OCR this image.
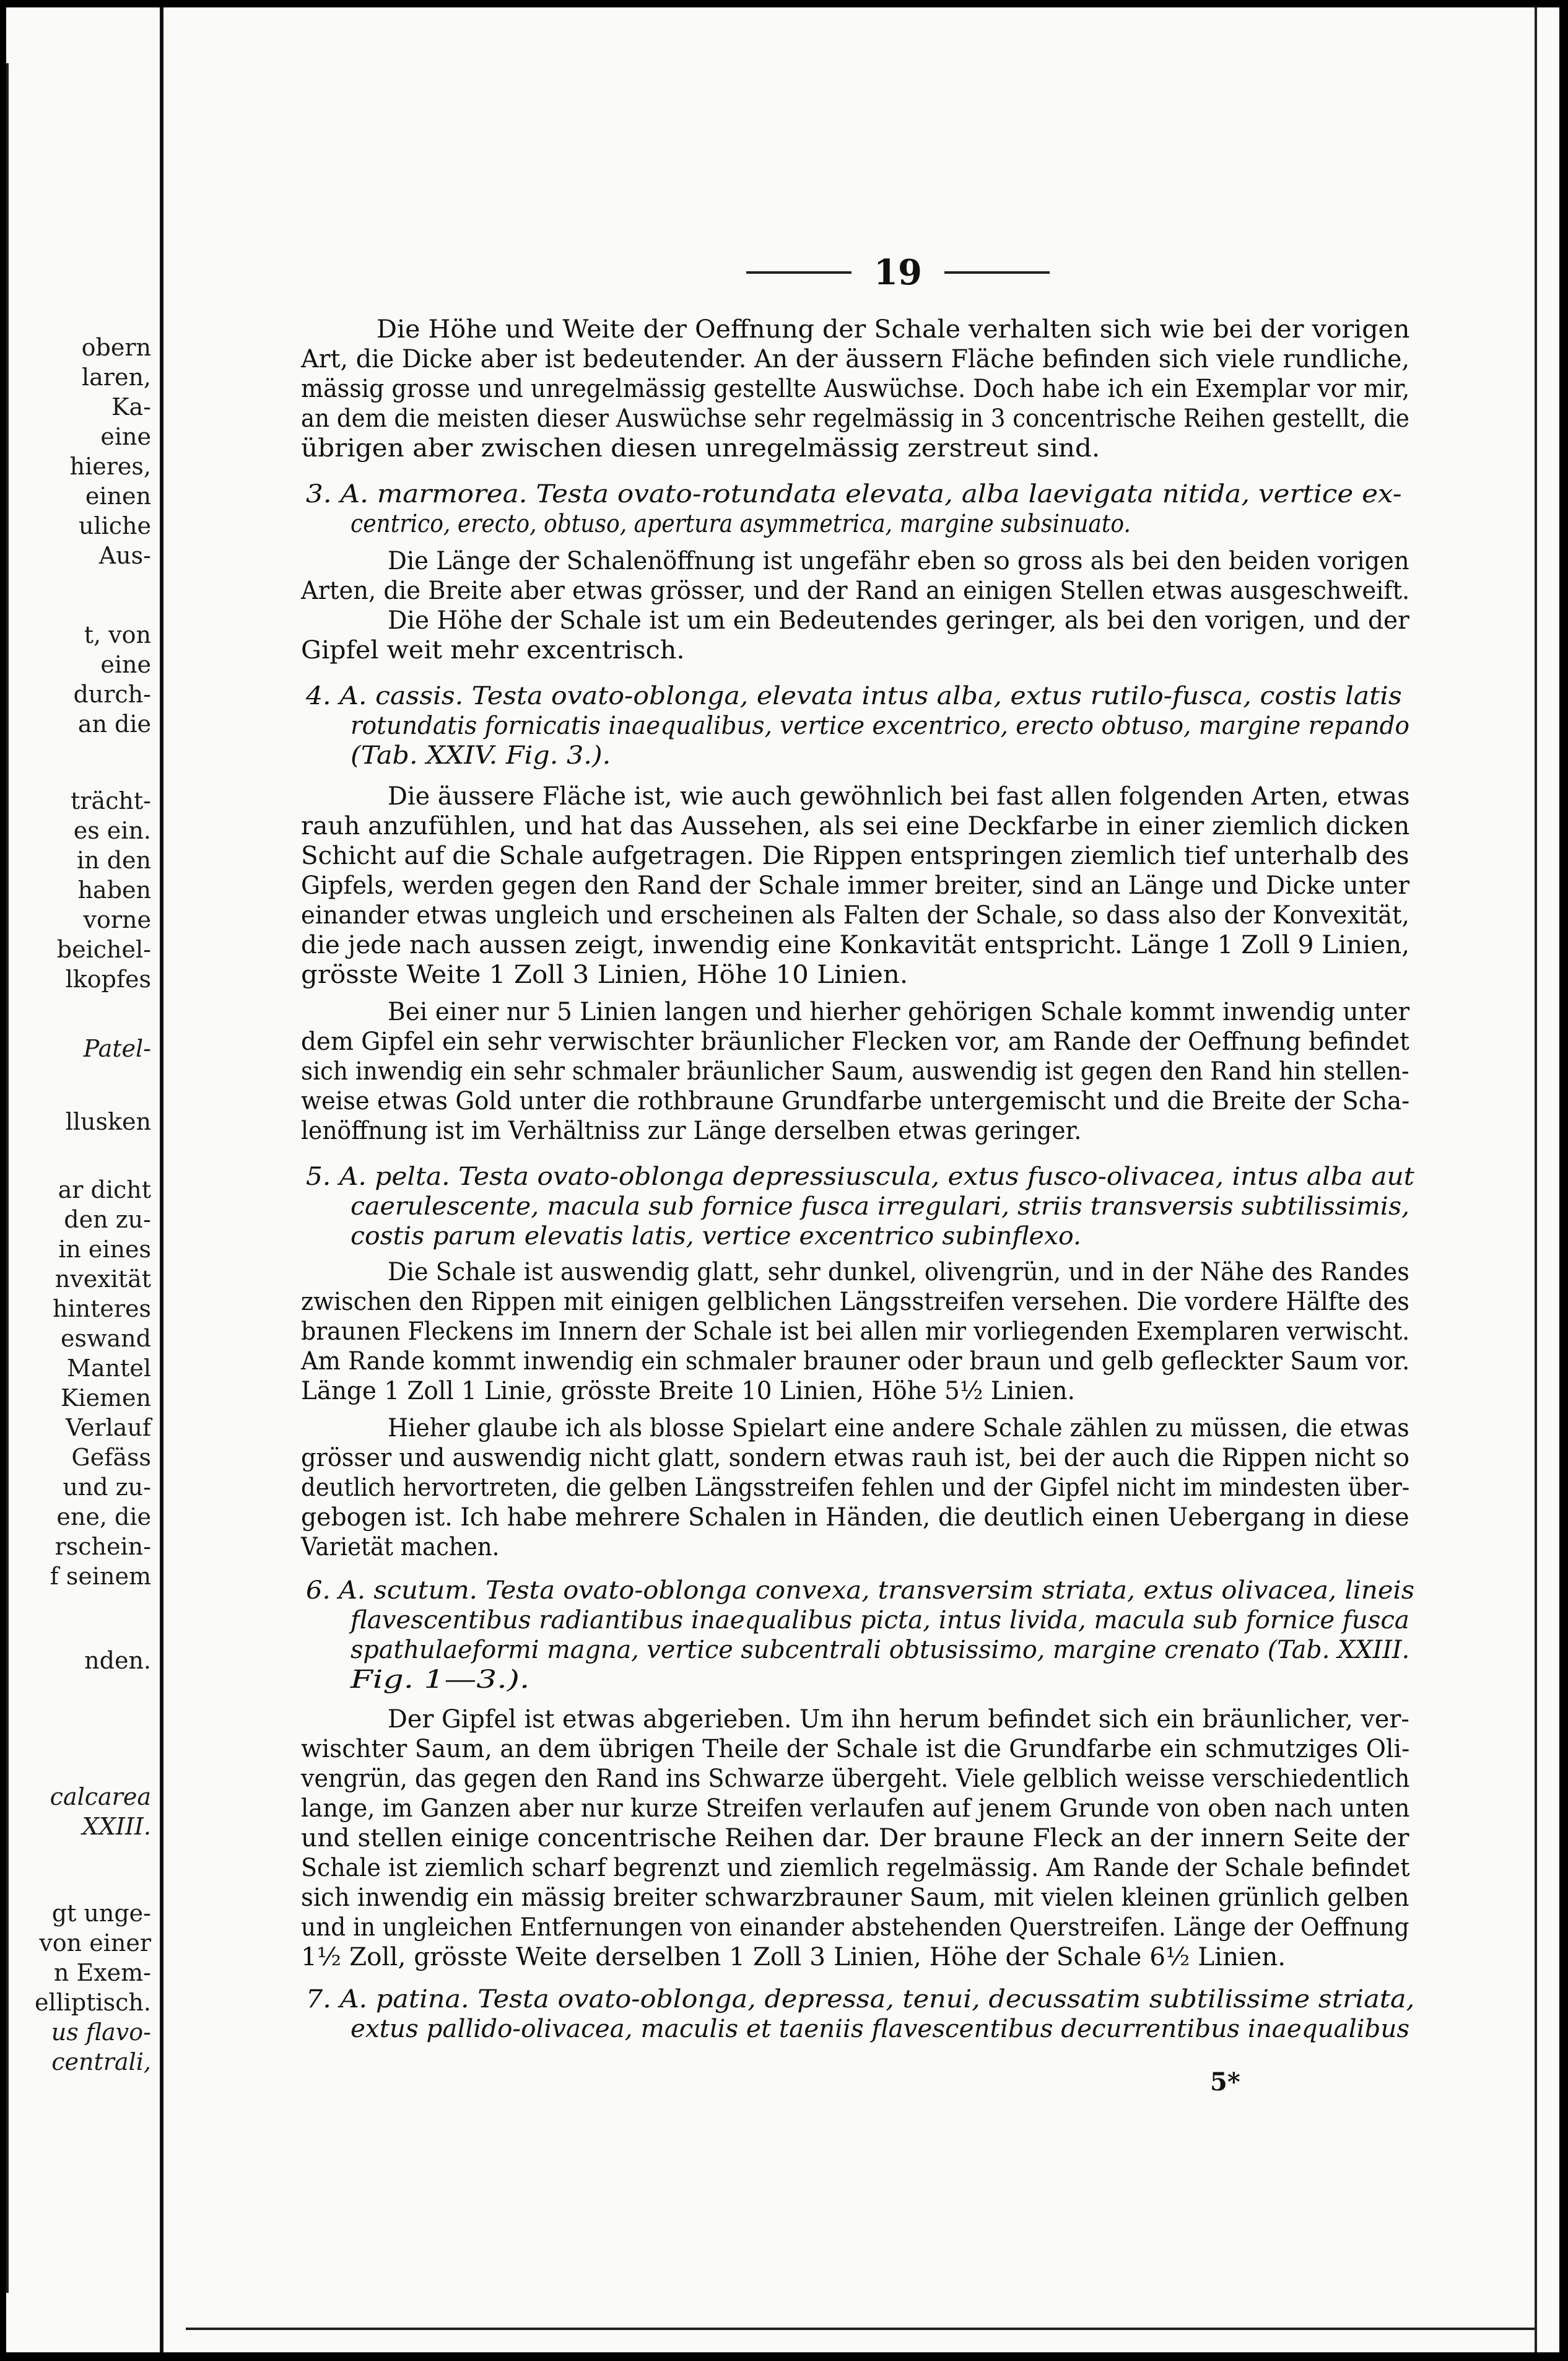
obern
laren,
Ka-
eine
hieres,
einen
uliche
Aus-
t, von
eine
durch-
an die
trächt-
es ein.
in den
haben
vorne
beichel-
lkopfes
Patel-
llusken
ar dicht
den zu-
in eines
nvexität
hinteres
eswand
Mantel
Kiemen
Verlauf
Gefäss
und zu-
ene, die
rschein-
f seinem
nden.
calcarea
XXIII.
gt unge-
von einer
n Exem-
elliptisch.
us flavo-
centrali,
19
Die Höhe und Weite der Oeffnung der Schale verhalten sich wie bei der vorigen
Art, die Dicke aber ist bedeutender. An der äussern Fläche befinden sich viele rundliche,
mässig grosse und unregelmässig gestellte Auswüchse. Doch habe ich ein Exemplar vor mir,
an dem die meisten dieser Auswüchse sehr regelmässig in 3 concentrische Reihen gestellt, die
übrigen aber zwischen diesen unregelmässig zerstreut sind.
3. A. marmorea. Testa ovato-rotundata elevata, alba laevigata nitida, vertice ex-
centrico, erecto, obtuso, apertura asymmetrica, margine subsinuato.
Die Länge der Schalenöffnung ist ungefähr eben so gross als bei den beiden vorigen
Arten, die Breite aber etwas grösser, und der Rand an einigen Stellen etwas ausgeschweift.
Die Höhe der Schale ist um ein Bedeutendes geringer, als bei den vorigen, und der
Gipfel weit mehr excentrisch.
4. A. cassis. Testa ovato-oblonga, elevata intus alba, extus rutilo-fusca, costis latis
rotundatis fornicatis inaequalibus, vertice excentrico, erecto obtuso, margine repando
(Tab. XXIV. Fig. 3.).
Die äussere Fläche ist, wie auch gewöhnlich bei fast allen folgenden Arten, etwas
rauh anzufühlen, und hat das Aussehen, als sei eine Deckfarbe in einer ziemlich dicken
Schicht auf die Schale aufgetragen. Die Rippen entspringen ziemlich tief unterhalb des
Gipfels, werden gegen den Rand der Schale immer breiter, sind an Länge und Dicke unter
einander etwas ungleich und erscheinen als Falten der Schale, so dass also der Konvexität,
die jede nach aussen zeigt, inwendig eine Konkavität entspricht. Länge 1 Zoll 9 Linien,
grösste Weite 1 Zoll 3 Linien, Höhe 10 Linien.
Bei einer nur 5 Linien langen und hierher gehörigen Schale kommt inwendig unter
dem Gipfel ein sehr verwischter bräunlicher Flecken vor, am Rande der Oeffnung befindet
sich inwendig ein sehr schmaler bräunlicher Saum, auswendig ist gegen den Rand hin stellen-
weise etwas Gold unter die rothbraune Grundfarbe untergemischt und die Breite der Scha-
lenöffnung ist im Verhältniss zur Länge derselben etwas geringer.
5. A. pelta. Testa ovato-oblonga depressiuscula, extus fusco-olivacea, intus alba aut
caerulescente, macula sub fornice fusca irregulari, striis transversis subtilissimis,
costis parum elevatis latis, vertice excentrico subinflexo.
Die Schale ist auswendig glatt, sehr dunkel, olivengrün, und in der Nähe des Randes
zwischen den Rippen mit einigen gelblichen Längsstreifen versehen. Die vordere Hälfte des
braunen Fleckens im Innern der Schale ist bei allen mir vorliegenden Exemplaren verwischt.
Am Rande kommt inwendig ein schmaler brauner oder braun und gelb gefleckter Saum vor.
Länge 1 Zoll 1 Linie, grösste Breite 10 Linien, Höhe 5½ Linien.
Hieher glaube ich als blosse Spielart eine andere Schale zählen zu müssen, die etwas
grösser und auswendig nicht glatt, sondern etwas rauh ist, bei der auch die Rippen nicht so
deutlich hervortreten, die gelben Längsstreifen fehlen und der Gipfel nicht im mindesten über-
gebogen ist. Ich habe mehrere Schalen in Händen, die deutlich einen Uebergang in diese
Varietät machen.
6. A. scutum. Testa ovato-oblonga convexa, transversim striata, extus olivacea, lineis
flavescentibus radiantibus inaequalibus picta, intus livida, macula sub fornice fusca
spathulaeformi magna, vertice subcentrali obtusissimo, margine crenato (Tab. XXIII.
Fig. 1—3.).
Der Gipfel ist etwas abgerieben. Um ihn herum befindet sich ein bräunlicher, ver-
wischter Saum, an dem übrigen Theile der Schale ist die Grundfarbe ein schmutziges Oli-
vengrün, das gegen den Rand ins Schwarze übergeht. Viele gelblich weisse verschiedentlich
lange, im Ganzen aber nur kurze Streifen verlaufen auf jenem Grunde von oben nach unten
und stellen einige concentrische Reihen dar. Der braune Fleck an der innern Seite der
Schale ist ziemlich scharf begrenzt und ziemlich regelmässig. Am Rande der Schale befindet
sich inwendig ein mässig breiter schwarzbrauner Saum, mit vielen kleinen grünlich gelben
und in ungleichen Entfernungen von einander abstehenden Querstreifen. Länge der Oeffnung
1½ Zoll, grösste Weite derselben 1 Zoll 3 Linien, Höhe der Schale 6½ Linien.
7. A. patina. Testa ovato-oblonga, depressa, tenui, decussatim subtilissime striata,
extus pallido-olivacea, maculis et taeniis flavescentibus decurrentibus inaequalibus
5*
